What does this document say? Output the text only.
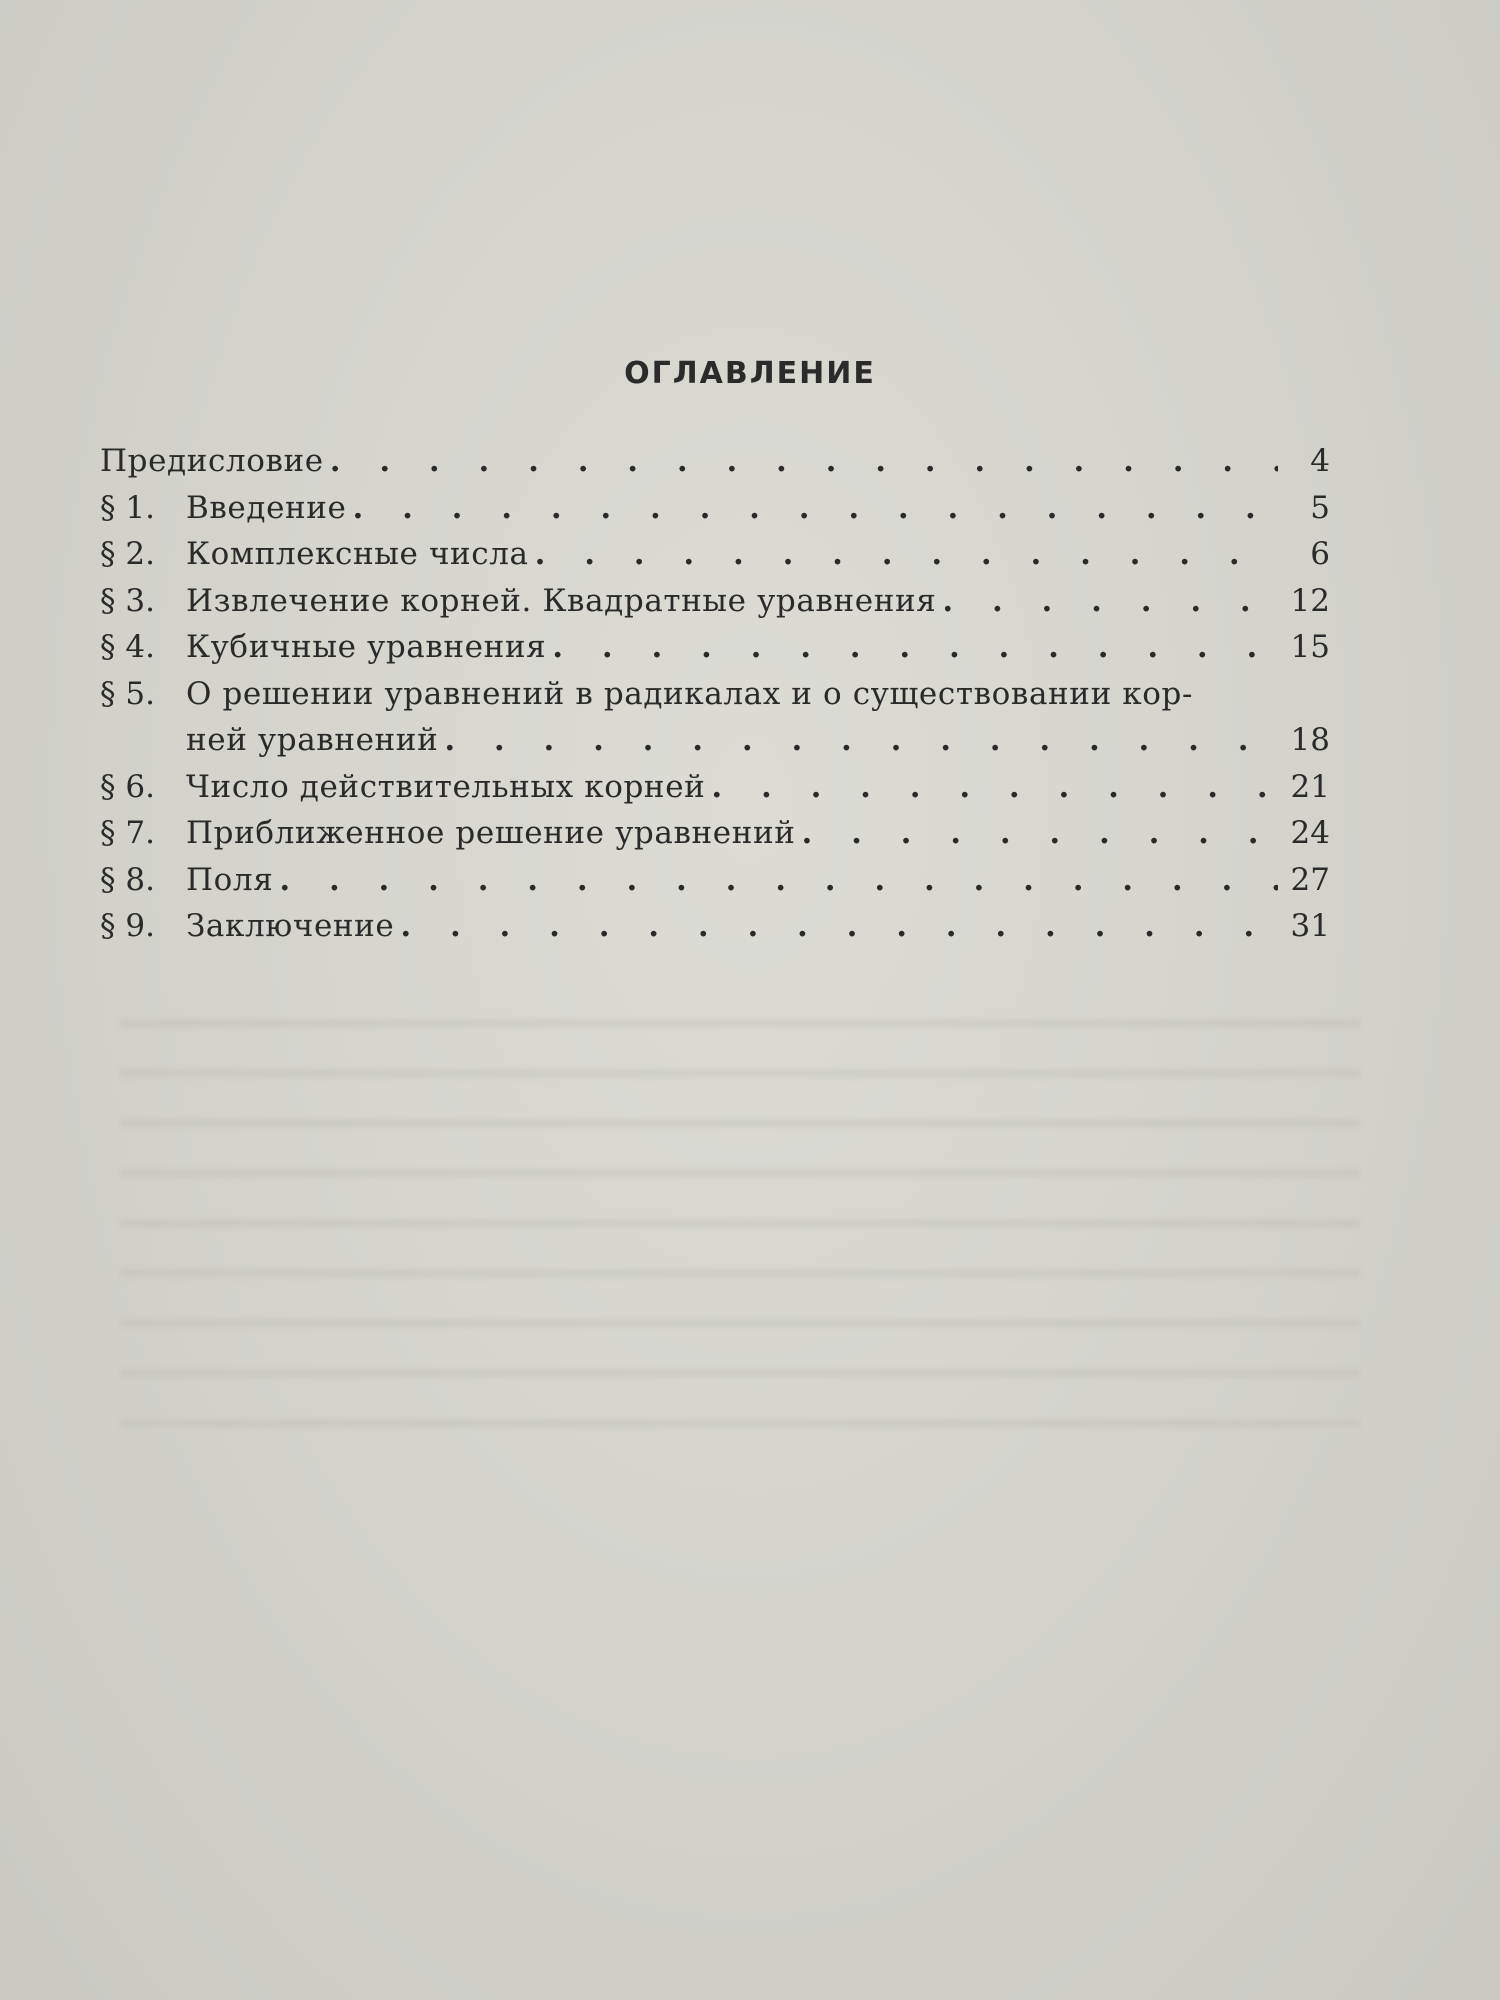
ОГЛАВЛЕНИЕ
Предисловие . . .	4
§ 1.	Введение . . .	5
§ 2.	Комплексные числа . . .	6
§ 3.	Извлечение корней. Квадратные уравнения . . .	12
§ 4.	Кубичные уравнения . . .	15
§ 5.	О решении уравнений в радикалах и о существовании кор-
ней уравнений . . .	18
§ 6.	Число действительных корней . . .	21
§ 7.	Приближенное решение уравнений . . .	24
§ 8.	Поля . . .	27
§ 9.	Заключение . . .	31
